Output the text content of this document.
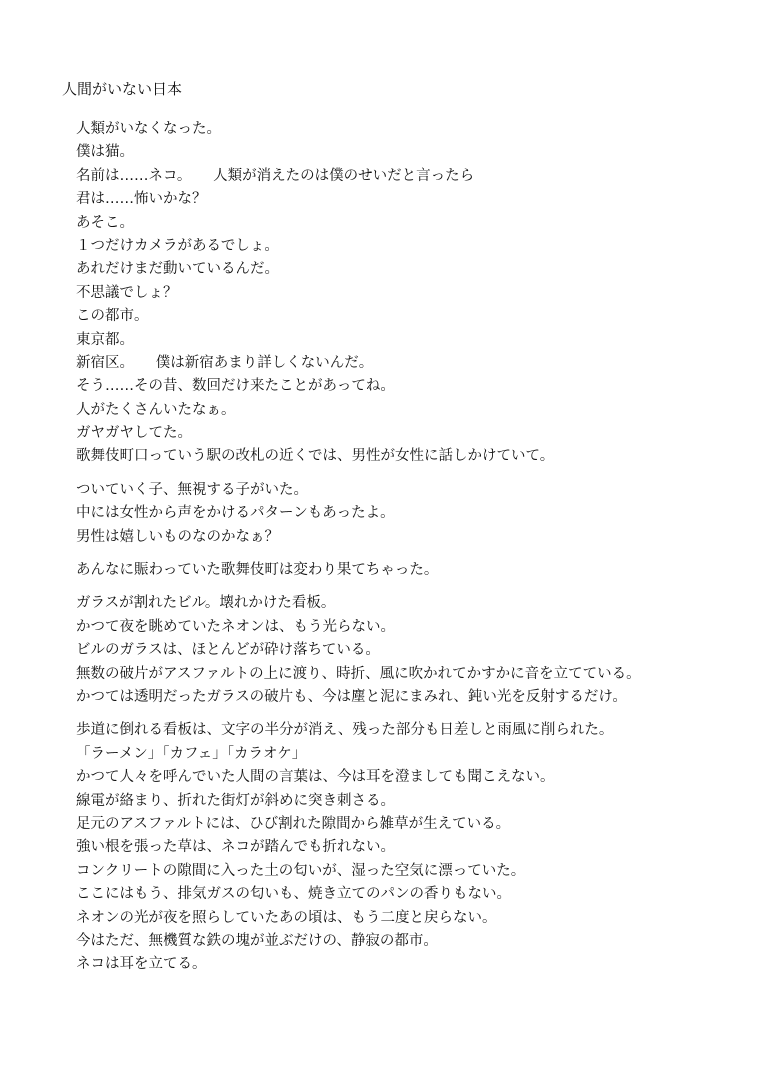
人間がいない日本
人類がいなくなった。
僕は猫。
名前は……ネコ。　　人類が消えたのは僕のせいだと言ったら
君は……怖いかな？
あそこ。
１つだけカメラがあるでしょ。
あれだけまだ動いているんだ。
不思議でしょ？
この都市。
東京都。
新宿区。　　僕は新宿あまり詳しくないんだ。
そう……その昔、数回だけ来たことがあってね。
人がたくさんいたなぁ。
ガヤガヤしてた。
歌舞伎町口っていう駅の改札の近くでは、男性が女性に話しかけていて。
ついていく子、無視する子がいた。
中には女性から声をかけるパターンもあったよ。
男性は嬉しいものなのかなぁ？
あんなに賑わっていた歌舞伎町は変わり果てちゃった。
ガラスが割れたビル。壊れかけた看板。
かつて夜を眺めていたネオンは、もう光らない。
ビルのガラスは、ほとんどが砕け落ちている。
無数の破片がアスファルトの上に渡り、時折、風に吹かれてかすかに音を立てている。
かつては透明だったガラスの破片も、今は塵と泥にまみれ、鈍い光を反射するだけ。
歩道に倒れる看板は、文字の半分が消え、残った部分も日差しと雨風に削られた。
「ラーメン」「カフェ」「カラオケ」
かつて人々を呼んでいた人間の言葉は、今は耳を澄ましても聞こえない。
線電が絡まり、折れた街灯が斜めに突き刺さる。
足元のアスファルトには、ひび割れた隙間から雑草が生えている。
強い根を張った草は、ネコが踏んでも折れない。
コンクリートの隙間に入った土の匂いが、湿った空気に漂っていた。
ここにはもう、排気ガスの匂いも、焼き立てのパンの香りもない。
ネオンの光が夜を照らしていたあの頃は、もう二度と戻らない。
今はただ、無機質な鉄の塊が並ぶだけの、静寂の都市。
ネコは耳を立てる。
